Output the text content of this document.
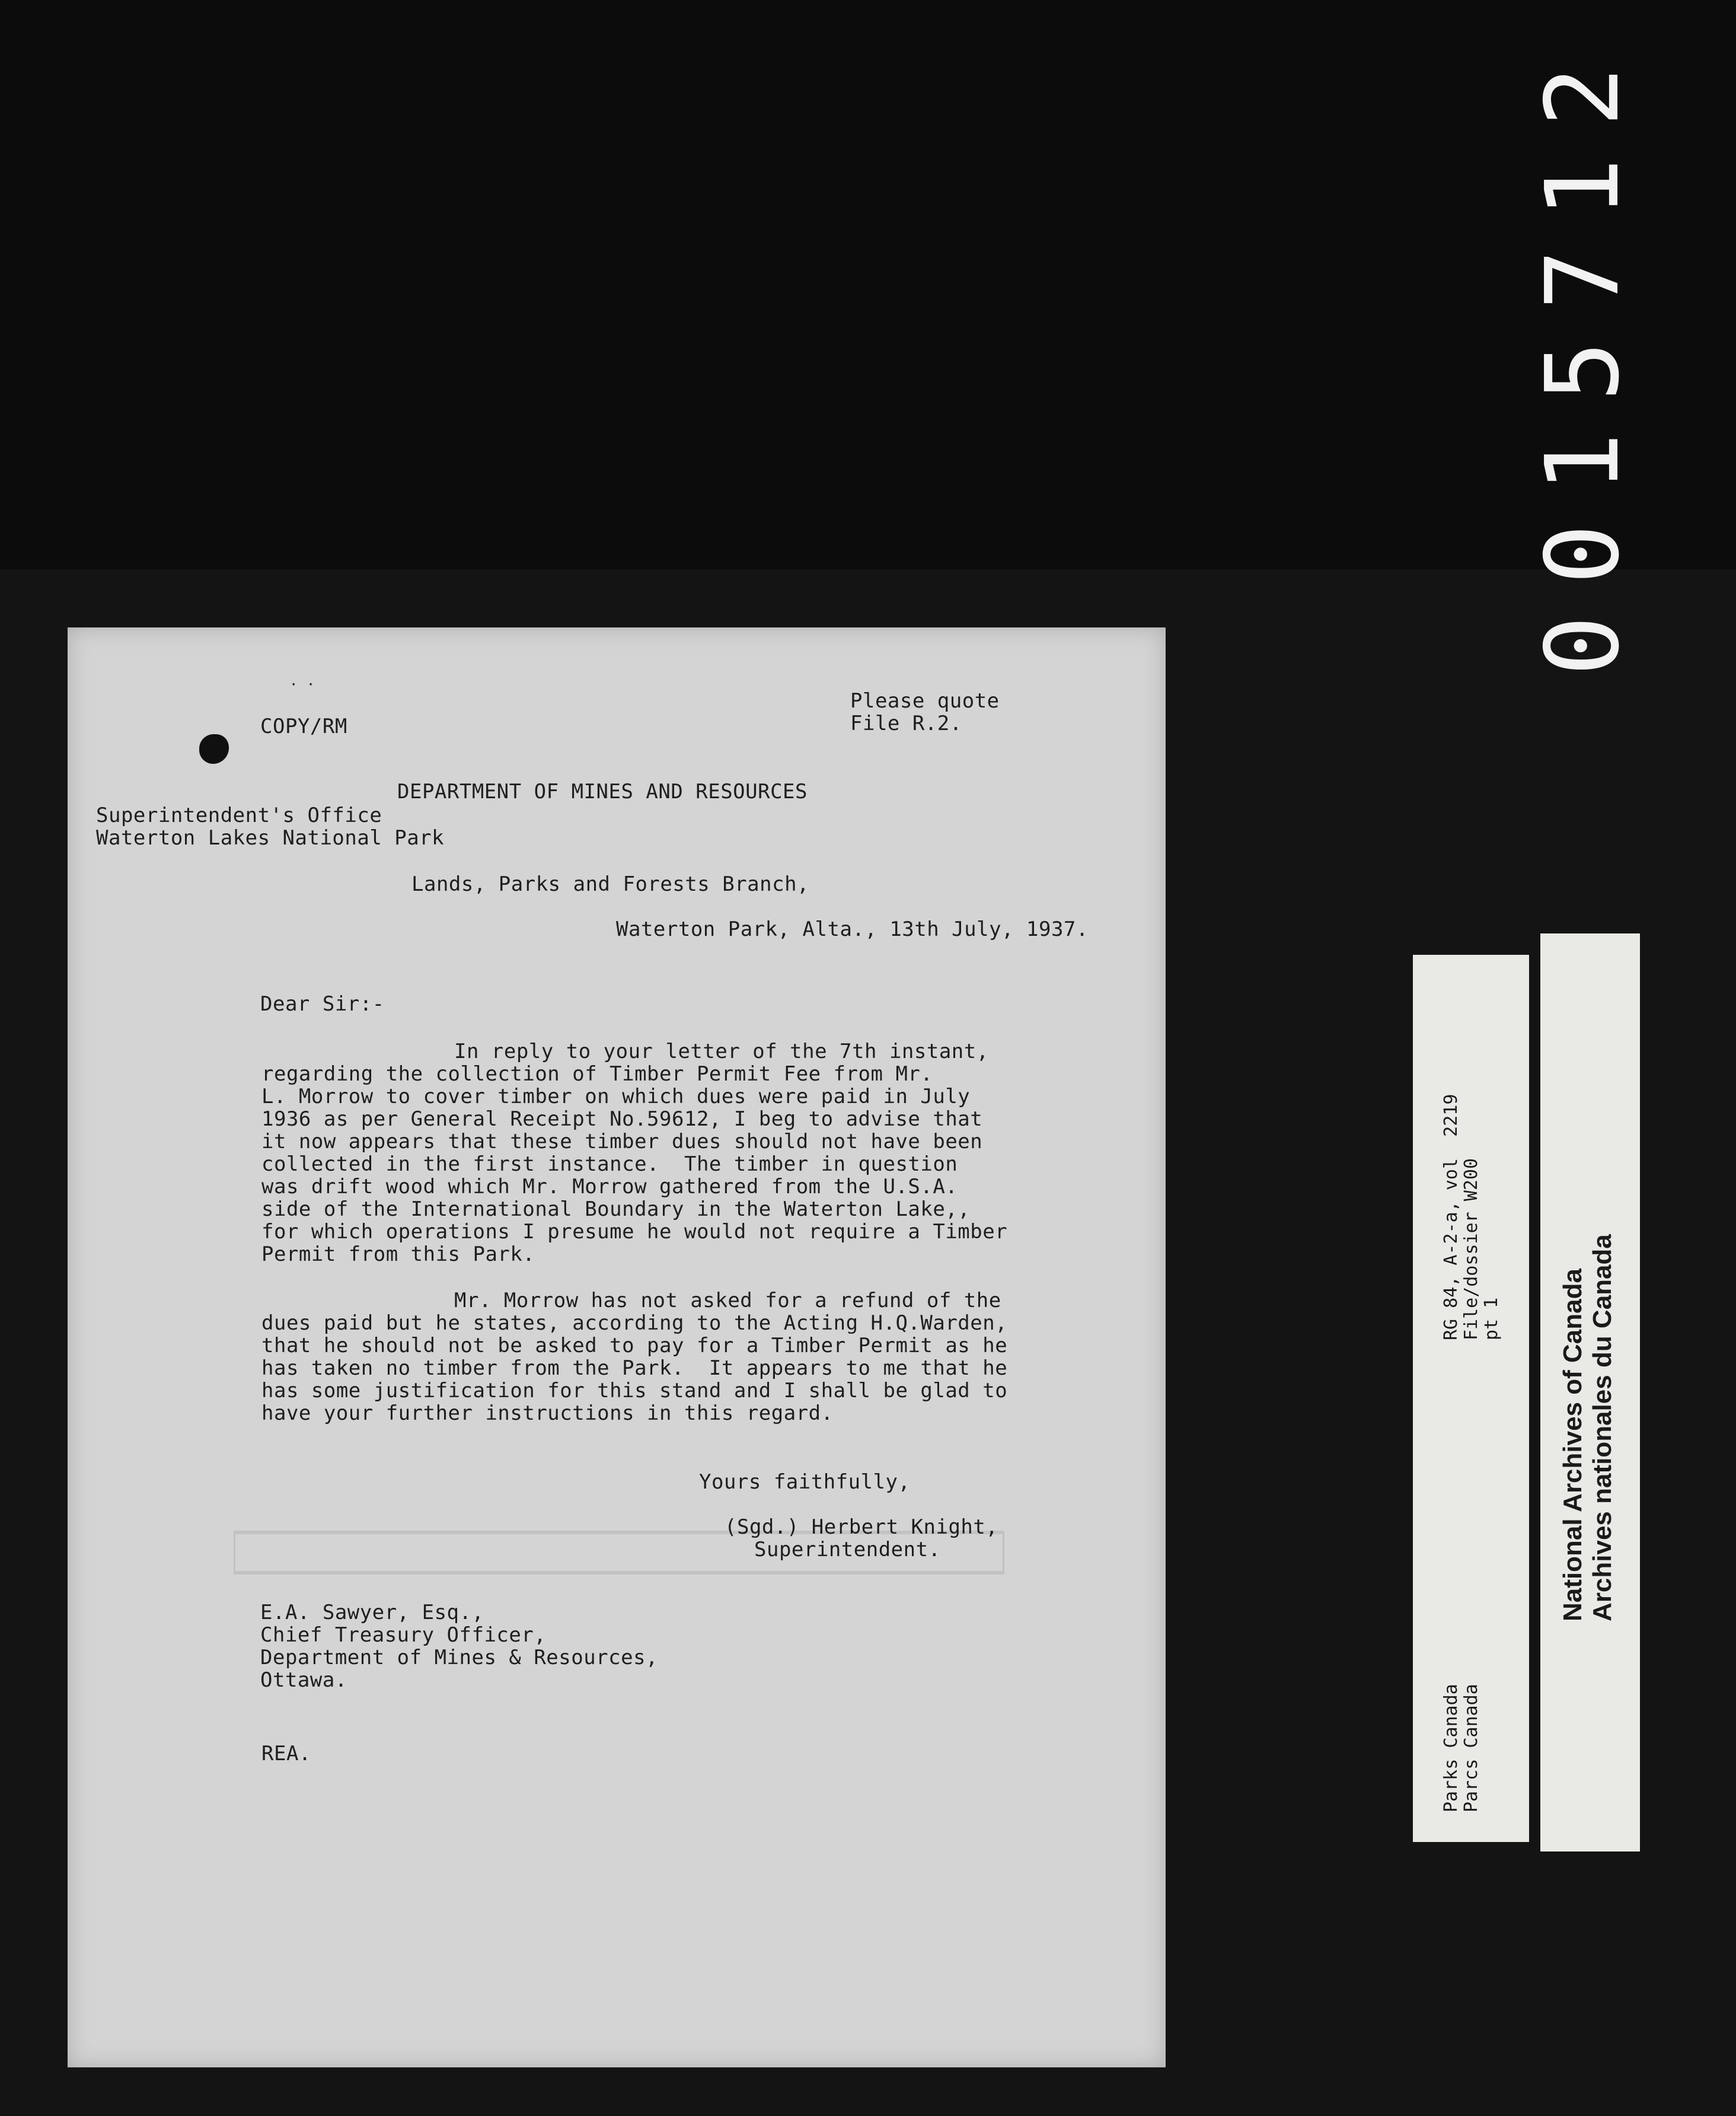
0015712
· ·
COPY/RM
Please quote
File R.2.
DEPARTMENT OF MINES AND RESOURCES
Superintendent's Office
Waterton Lakes National Park
Lands, Parks and Forests Branch,
Waterton Park, Alta., 13th July, 1937.
Dear Sir:-
In reply to your letter of the 7th instant,
regarding the collection of Timber Permit Fee from Mr.
L. Morrow to cover timber on which dues were paid in July
1936 as per General Receipt No.59612, I beg to advise that
it now appears that these timber dues should not have been
collected in the first instance.  The timber in question
was drift wood which Mr. Morrow gathered from the U.S.A.
side of the International Boundary in the Waterton Lake,,
for which operations I presume he would not require a Timber
Permit from this Park.
Mr. Morrow has not asked for a refund of the
dues paid but he states, according to the Acting H.Q.Warden,
that he should not be asked to pay for a Timber Permit as he
has taken no timber from the Park.  It appears to me that he
has some justification for this stand and I shall be glad to
have your further instructions in this regard.
Yours faithfully,
(Sgd.) Herbert Knight,
Superintendent.
E.A. Sawyer, Esq.,
Chief Treasury Officer,
Department of Mines & Resources,
Ottawa.
REA.
RG 84, A-2-a, vol  2219 File/dossier W200 pt 1
Parks Canada Parcs Canada
National Archives of Canada Archives nationales du Canada
